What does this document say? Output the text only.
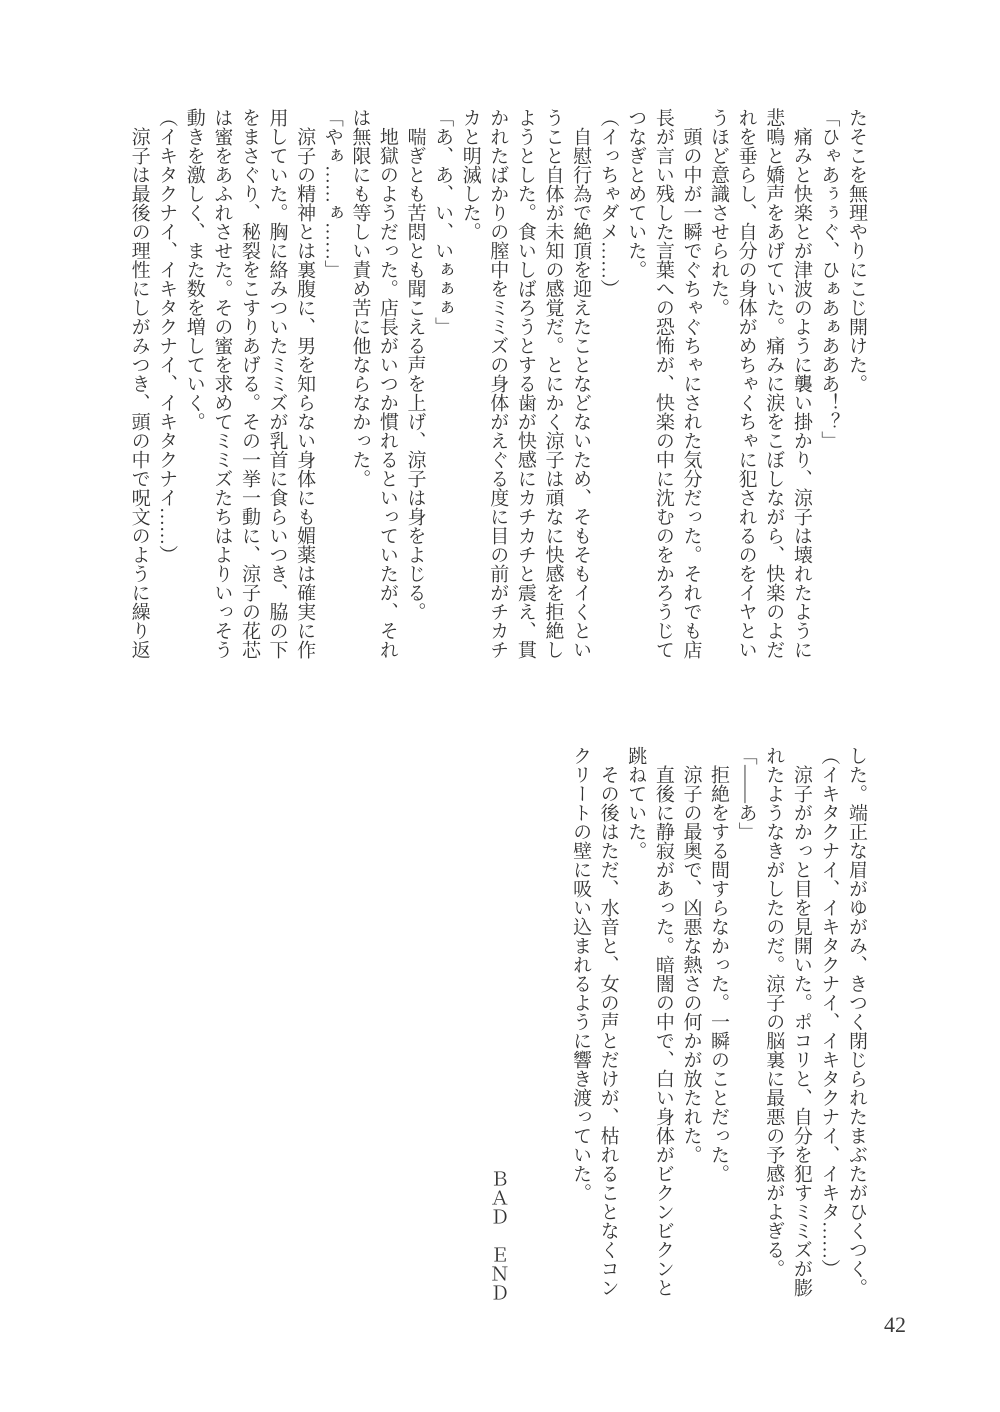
たそこを無理やりにこじ開けた。

「ひゃあぅぅぐ、ひぁあぁあああ！？」

痛みと快楽とが津波のように襲い掛かり、涼子は壊れたように

悲鳴と嬌声をあげていた。痛みに涙をこぼしながら、快楽のよだ

れを垂らし、自分の身体がめちゃくちゃに犯されるのをイヤとい

うほど意識させられた。

頭の中が一瞬でぐちゃぐちゃにされた気分だった。それでも店

長が言い残した言葉への恐怖が、快楽の中に沈むのをかろうじて

つなぎとめていた。

（イっちゃダメ……）

自慰行為で絶頂を迎えたことなどないため、そもそもイくとい

うこと自体が未知の感覚だ。とにかく涼子は頑なに快感を拒絶し

ようとした。食いしばろうとする歯が快感にカチカチと震え、貫

かれたばかりの膣中をミミズの身体がえぐる度に目の前がチカチ

カと明滅した。

「あ、あ、い、いぁぁぁ」

喘ぎとも苦悶とも聞こえる声を上げ、涼子は身をよじる。

地獄のようだった。店長がいつか慣れるといっていたが、それ

は無限にも等しい責め苦に他ならなかった。

「やぁ……ぁ……」

涼子の精神とは裏腹に、男を知らない身体にも媚薬は確実に作

用していた。胸に絡みついたミミズが乳首に食らいつき、脇の下

をまさぐり、秘裂をこすりあげる。その一挙一動に、涼子の花芯

は蜜をあふれさせた。その蜜を求めてミミズたちはよりいっそう

動きを激しく、また数を増していく。

（イキタクナイ、イキタクナイ、イキタクナイ……）

涼子は最後の理性にしがみつき、頭の中で呪文のように繰り返

した。端正な眉がゆがみ、きつく閉じられたまぶたがひくつく。

（イキタクナイ、イキタクナイ、イキタクナイ、イキタ……）

涼子がかっと目を見開いた。ポコリと、自分を犯すミミズが膨

れたようなきがしたのだ。涼子の脳裏に最悪の予感がよぎる。

「――あ」

拒絶をする間すらなかった。一瞬のことだった。

涼子の最奥で、凶悪な熱さの何かが放たれた。

直後に静寂があった。暗闇の中で、白い身体がビクンビクンと

跳ねていた。

その後はただ、水音と、女の声とだけが、枯れることなくコン

クリートの壁に吸い込まれるように響き渡っていた。

ＢＡＤ　ＥＮＤ

42
